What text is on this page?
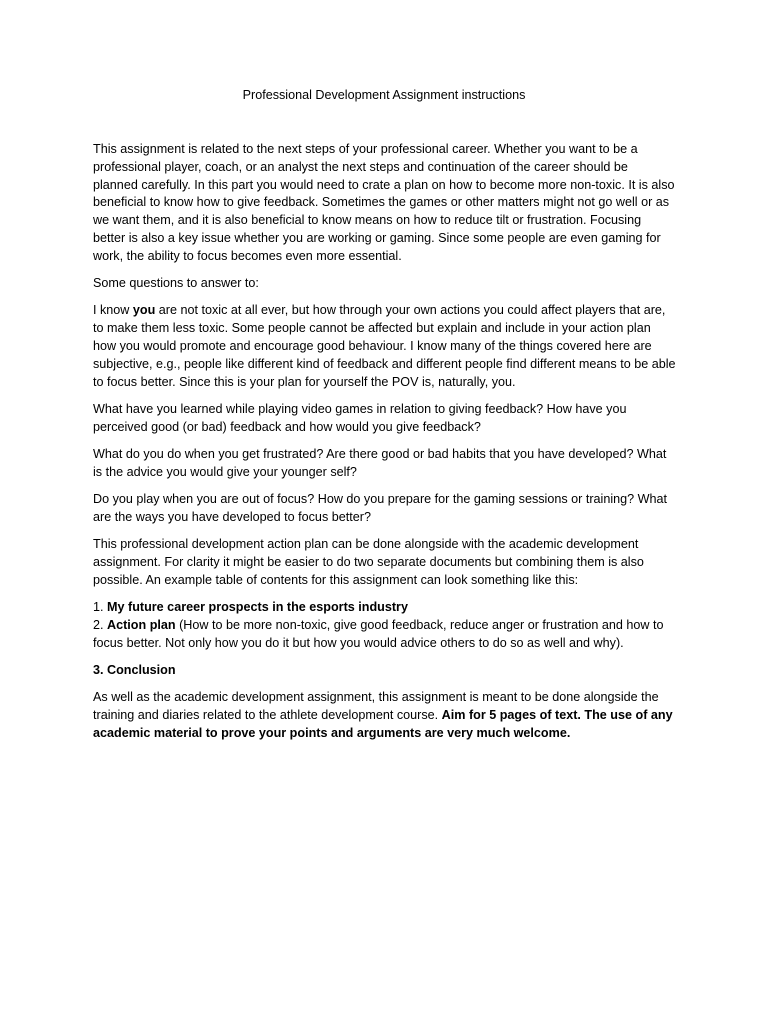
Professional Development Assignment instructions

This assignment is related to the next steps of your professional career. Whether you want to be a professional player, coach, or an analyst the next steps and continuation of the career should be planned carefully. In this part you would need to crate a plan on how to become more non-toxic. It is also beneficial to know how to give feedback. Sometimes the games or other matters might not go well or as we want them, and it is also beneficial to know means on how to reduce tilt or frustration. Focusing better is also a key issue whether you are working or gaming. Since some people are even gaming for work, the ability to focus becomes even more essential.

Some questions to answer to:

I know you are not toxic at all ever, but how through your own actions you could affect players that are, to make them less toxic. Some people cannot be affected but explain and include in your action plan how you would promote and encourage good behaviour. I know many of the things covered here are subjective, e.g., people like different kind of feedback and different people find different means to be able to focus better. Since this is your plan for yourself the POV is, naturally, you.

What have you learned while playing video games in relation to giving feedback? How have you perceived good (or bad) feedback and how would you give feedback?

What do you do when you get frustrated? Are there good or bad habits that you have developed? What is the advice you would give your younger self?

Do you play when you are out of focus? How do you prepare for the gaming sessions or training? What are the ways you have developed to focus better?

This professional development action plan can be done alongside with the academic development assignment. For clarity it might be easier to do two separate documents but combining them is also possible. An example table of contents for this assignment can look something like this:

1. My future career prospects in the esports industry
2. Action plan (How to be more non-toxic, give good feedback, reduce anger or frustration and how to focus better. Not only how you do it but how you would advice others to do so as well and why).

3. Conclusion

As well as the academic development assignment, this assignment is meant to be done alongside the training and diaries related to the athlete development course. Aim for 5 pages of text. The use of any academic material to prove your points and arguments are very much welcome.
